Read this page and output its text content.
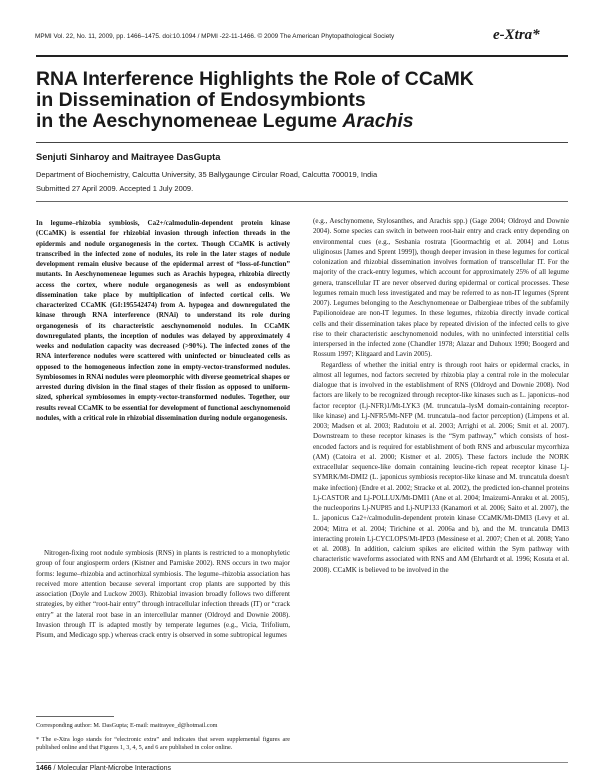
MPMI Vol. 22, No. 11, 2009, pp. 1466–1475. doi:10.1094 / MPMI -22-11-1466. © 2009 The American Phytopathological Society	e-Xtra*
RNA Interference Highlights the Role of CCaMK
in Dissemination of Endosymbionts
in the Aeschynomeneae Legume Arachis
Senjuti Sinharoy and Maitrayee DasGupta
Department of Biochemistry, Calcutta University, 35 Ballygaunge Circular Road, Calcutta 700019, India
Submitted 27 April 2009. Accepted 1 July 2009.

In legume–rhizobia symbiosis, Ca2+/calmodulin-dependent protein kinase (CCaMK) is essential for rhizobial invasion through infection threads in the epidermis and nodule organogenesis in the cortex. Though CCaMK is actively transcribed in the infected zone of nodules, its role in the later stages of nodule development remain elusive because of the epidermal arrest of “loss-of-function” mutants. In Aeschynomeneae legumes such as Arachis hypogea, rhizobia directly access the cortex, where nodule organogenesis as well as endosymbiont dissemination take place by multiplication of infected cortical cells. We characterized CCaMK (GI:195542474) from A. hypogea and downregulated the kinase through RNA interference (RNAi) to understand its role during organogenesis of its characteristic aeschynomenoid nodules. In CCaMK downregulated plants, the inception of nodules was delayed by approximately 4 weeks and nodulation capacity was decreased (>90%). The infected zones of the RNA interference nodules were scattered with uninfected or binucleated cells as opposed to the homogeneous infection zone in empty-vector-transformed nodules. Symbiosomes in RNAi nodules were pleomorphic with diverse geometrical shapes or arrested during division in the final stages of their fission as opposed to uniform-sized, spherical symbiosomes in empty-vector-transformed nodules. Together, our results reveal CCaMK to be essential for development of functional aeschynomenoid nodules, with a critical role in rhizobial dissemination during nodule organogenesis.

Nitrogen-fixing root nodule symbiosis (RNS) in plants is restricted to a monophyletic group of four angiosperm orders (Kistner and Parniske 2002). RNS occurs in two major forms: legume–rhizobia and actinorhizal symbiosis. The legume–rhizobia association has received more attention because several important crop plants are supported by this association (Doyle and Luckow 2003). Rhizobial invasion broadly follows two different strategies, by either “root-hair entry” through intracellular infection threads (IT) or “crack entry” at the lateral root base in an intercellular manner (Oldroyd and Downie 2008). Invasion through IT is adapted mostly by temperate legumes (e.g., Vicia, Trifolium, Pisum, and Medicago spp.) whereas crack entry is observed in some subtropical legumes

(e.g., Aeschynomene, Stylosanthes, and Arachis spp.) (Gage 2004; Oldroyd and Downie 2004). Some species can switch in between root-hair entry and crack entry depending on environmental cues (e.g., Sesbania rostrata [Goormachtig et al. 2004] and Lotus uliginosus [James and Sprent 1999]), though deeper invasion in these legumes for cortical colonization and rhizobial dissemination involves formation of transcellular IT. For the majority of the crack-entry legumes, which account for approximately 25% of all legume genera, transcellular IT are never observed during epidermal or cortical processes. These legumes remain much less investigated and may be referred to as non-IT legumes (Sprent 2007). Legumes belonging to the Aeschynomeneae or Dalbergieae tribes of the subfamily Papilionoideae are non-IT legumes. In these legumes, rhizobia directly invade cortical cells and their dissemination takes place by repeated division of the infected cells to give rise to their characteristic aeschynomenoid nodules, with no uninfected interstitial cells interspersed in the infected zone (Chandler 1978; Alazar and Duhoux 1990; Boogerd and Rossum 1997; Klitgaard and Lavin 2005).

Regardless of whether the initial entry is through root hairs or epidermal cracks, in almost all legumes, nod factors secreted by rhizobia play a central role in the molecular dialogue that is involved in the establishment of RNS (Oldroyd and Downie 2008). Nod factors are likely to be recognized through receptor-like kinases such as L. japonicus–nod factor receptor (Lj-NFR)1/Mt-LYK3 (M. truncatula–lysM domain-containing receptor-like kinase) and Lj-NFR5/Mt-NFP (M. truncatula–nod factor perception) (Limpens et al. 2003; Madsen et al. 2003; Radutoiu et al. 2003; Arrighi et al. 2006; Smit et al. 2007). Downstream to these receptor kinases is the “Sym pathway,” which consists of host-encoded factors and is required for establishment of both RNS and arbuscular mycorrhiza (AM) (Catoira et al. 2000; Kistner et al. 2005). These factors include the NORK extracellular sequence-like domain containing leucine-rich repeat receptor kinase Lj-SYMRK/Mt-DMI2 (L. japonicus symbiosis receptor-like kinase and M. truncatula doesn't make infection) (Endre et al. 2002; Stracke et al. 2002), the predicted ion-channel proteins Lj-CASTOR and Lj-POLLUX/Mt-DMI1 (Ane et al. 2004; Imaizumi-Anraku et al. 2005), the nucleoporins Lj-NUP85 and Lj-NUP133 (Kanamori et al. 2006; Saito et al. 2007), the L. japonicus Ca2+/calmodulin-dependent protein kinase CCaMK/Mt-DMI3 (Levy et al. 2004; Mitra et al. 2004; Tirichine et al. 2006a and b), and the M. truncatula DMI3 interacting protein Lj-CYCLOPS/Mt-IPD3 (Messinese et al. 2007; Chen et al. 2008; Yano et al. 2008). In addition, calcium spikes are elicited within the Sym pathway with characteristic waveforms associated with RNS and AM (Ehrhardt et al. 1996; Kosuta et al. 2008). CCaMK is believed to be involved in the

Corresponding author: M. DasGupta; E-mail: maitrayee_d@hotmail.com
* The e-Xtra logo stands for “electronic extra” and indicates that seven supplemental figures are published online and that Figures 1, 3, 4, 5, and 6 are published in color online.
1466 / Molecular Plant-Microbe Interactions
